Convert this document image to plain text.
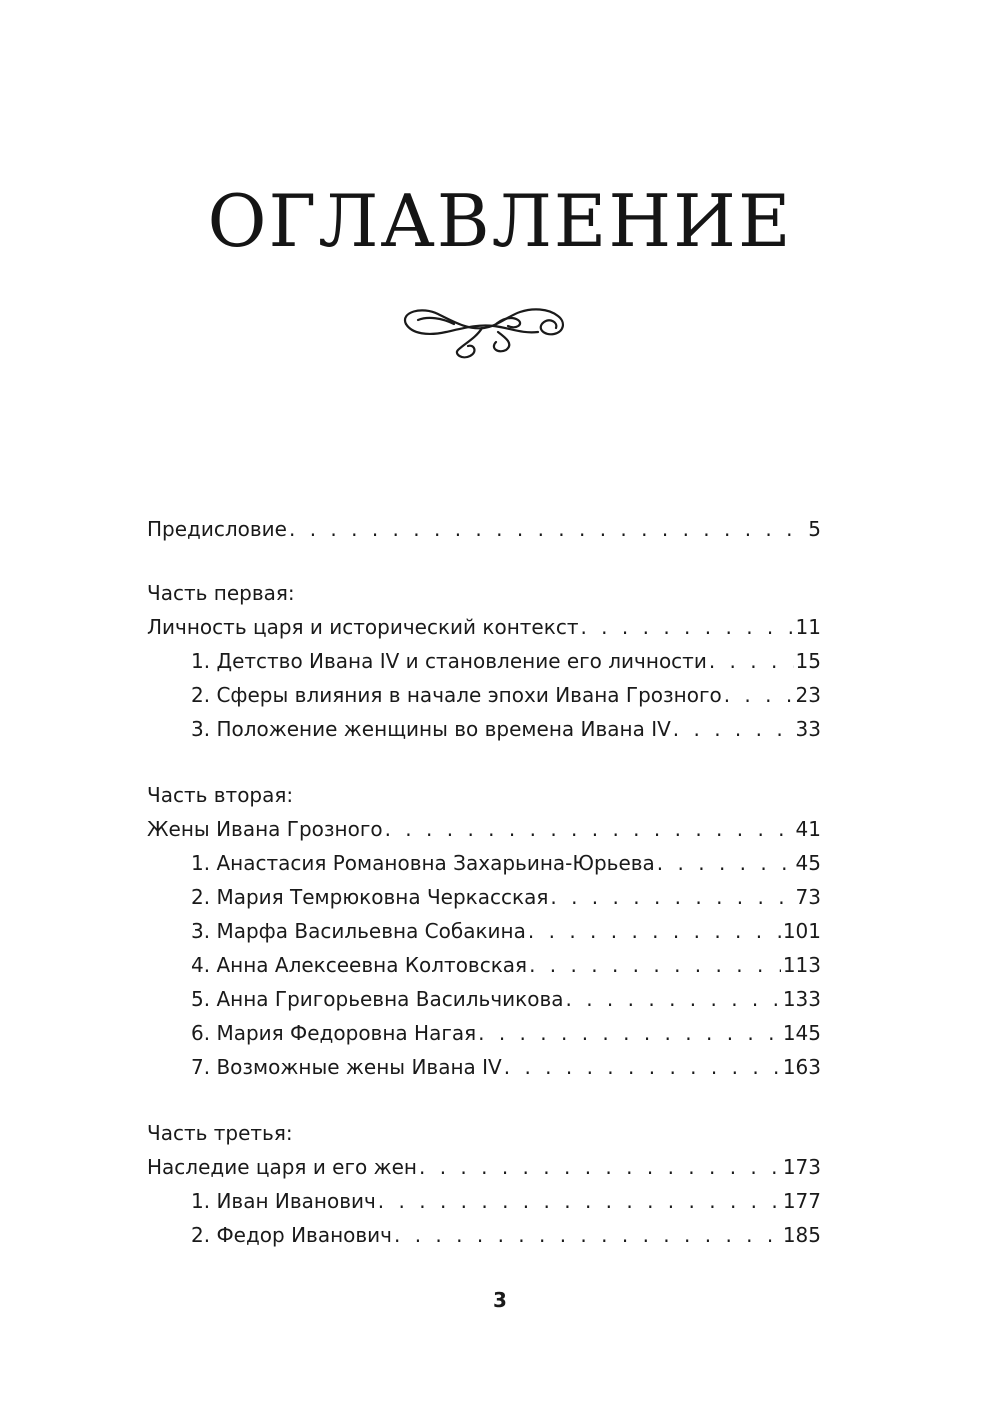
ОГЛАВЛЕНИЕ
Предисловие . . .	5
Часть первая:
Личность царя и исторический контекст . . .	11
1. Детство Ивана IV и становление его личности . . .	15
2. Сферы влияния в начале эпохи Ивана Грозного . . .	23
3. Положение женщины во времена Ивана IV . . .	33
Часть вторая:
Жены Ивана Грозного . . .	41
1. Анастасия Романовна Захарьина-Юрьева . . .	45
2. Мария Темрюковна Черкасская . . .	73
3. Марфа Васильевна Собакина . . .	101
4. Анна Алексеевна Колтовская . . .	113
5. Анна Григорьевна Васильчикова . . .	133
6. Мария Федоровна Нагая . . .	145
7. Возможные жены Ивана IV . . .	163
Часть третья:
Наследие царя и его жен . . .	173
1. Иван Иванович . . .	177
2. Федор Иванович . . .	185
3
